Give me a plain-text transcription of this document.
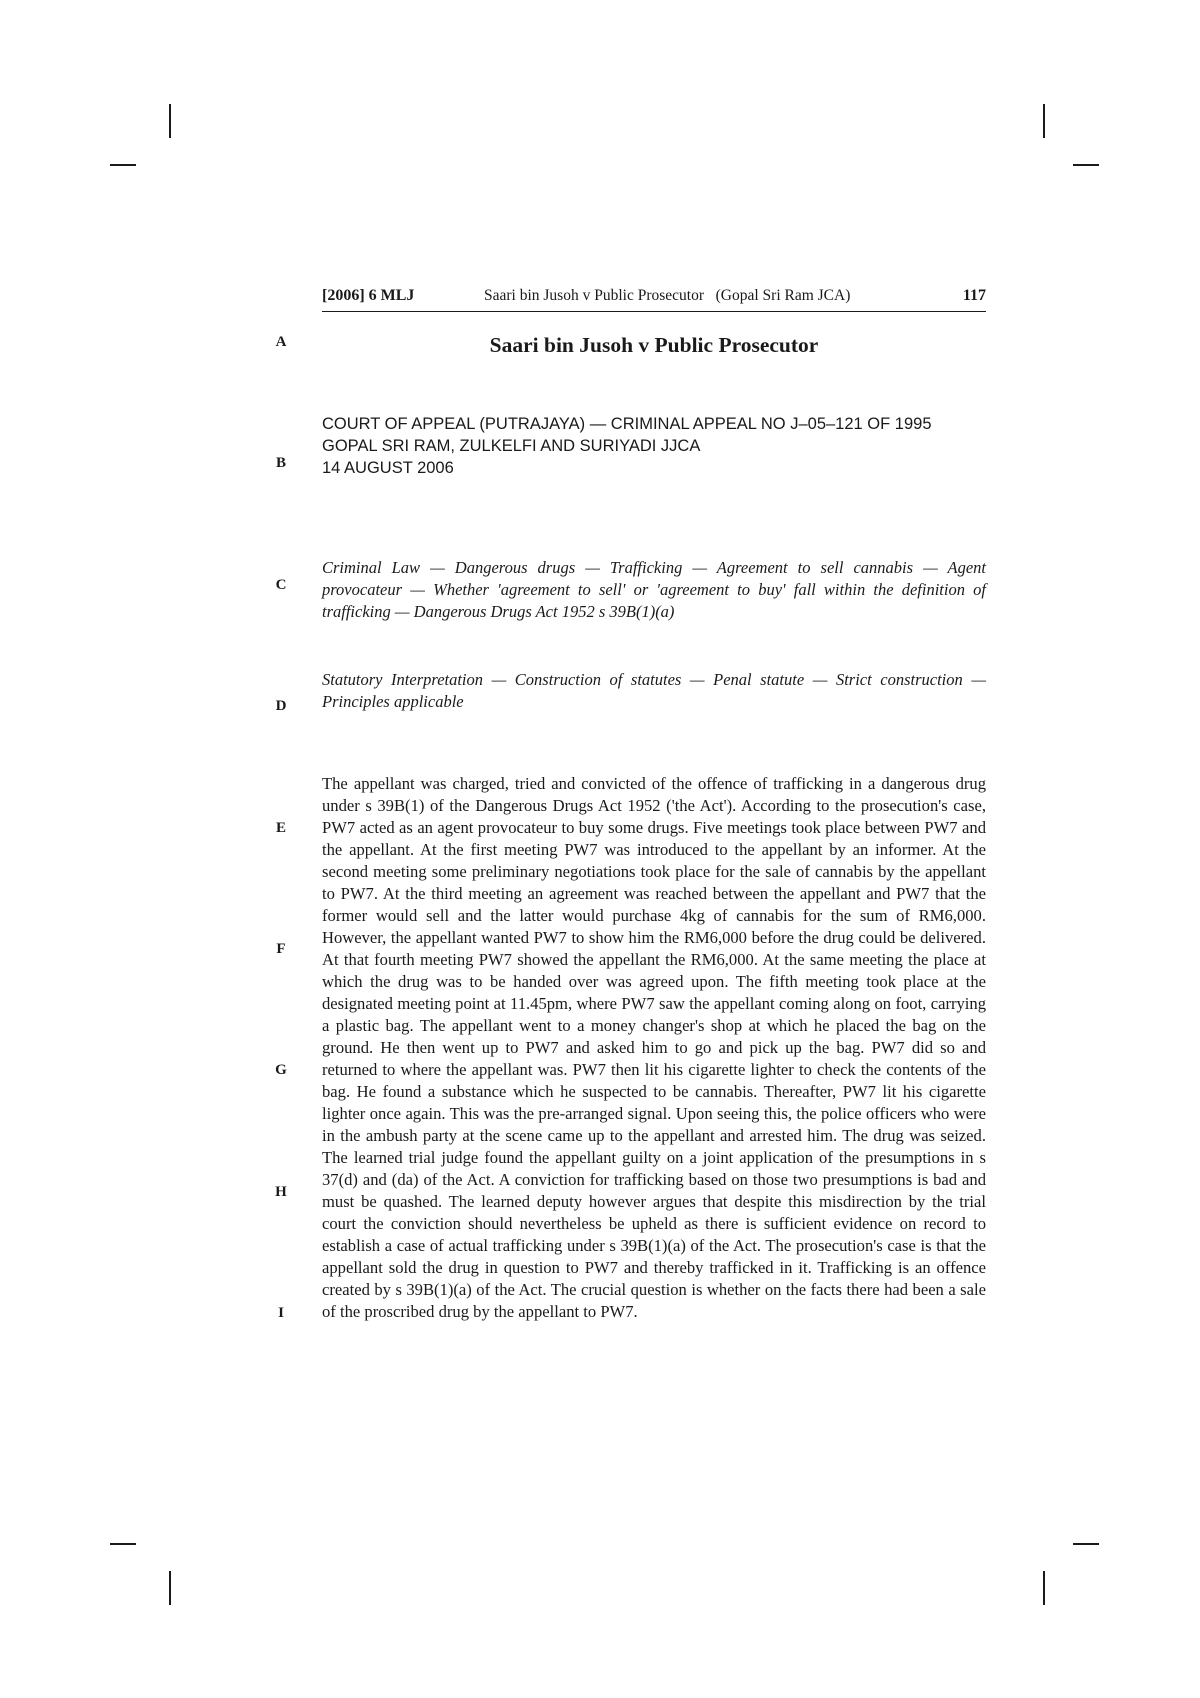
[2006] 6 MLJ	Saari bin Jusoh v Public Prosecutor   (Gopal Sri Ram JCA)	117
A
B
C
D
E
F
G
H
I
Saari bin Jusoh v Public Prosecutor
COURT OF APPEAL (PUTRAJAYA) — CRIMINAL APPEAL NO J–05–121 OF 1995
GOPAL SRI RAM, ZULKELFI AND SURIYADI JJCA
14 AUGUST 2006
Criminal Law — Dangerous drugs — Trafficking — Agreement to sell cannabis — Agent provocateur — Whether 'agreement to sell' or 'agreement to buy' fall within the definition of trafficking — Dangerous Drugs Act 1952 s 39B(1)(a)
Statutory Interpretation — Construction of statutes — Penal statute — Strict construction — Principles applicable

The appellant was charged, tried and convicted of the offence of trafficking in a dangerous drug under s 39B(1) of the Dangerous Drugs Act 1952 ('the Act'). According to the prosecution's case, PW7 acted as an agent provocateur to buy some drugs. Five meetings took place between PW7 and the appellant. At the first meeting PW7 was introduced to the appellant by an informer. At the second meeting some preliminary negotiations took place for the sale of cannabis by the appellant to PW7. At the third meeting an agreement was reached between the appellant and PW7 that the former would sell and the latter would purchase 4kg of cannabis for the sum of RM6,000. However, the appellant wanted PW7 to show him the RM6,000 before the drug could be delivered. At that fourth meeting PW7 showed the appellant the RM6,000. At the same meeting the place at which the drug was to be handed over was agreed upon. The fifth meeting took place at the designated meeting point at 11.45pm, where PW7 saw the appellant coming along on foot, carrying a plastic bag. The appellant went to a money changer's shop at which he placed the bag on the ground. He then went up to PW7 and asked him to go and pick up the bag. PW7 did so and returned to where the appellant was. PW7 then lit his cigarette lighter to check the contents of the bag. He found a substance which he suspected to be cannabis. Thereafter, PW7 lit his cigarette lighter once again. This was the pre-arranged signal. Upon seeing this, the police officers who were in the ambush party at the scene came up to the appellant and arrested him. The drug was seized. The learned trial judge found the appellant guilty on a joint application of the presumptions in s 37(d) and (da) of the Act. A conviction for trafficking based on those two presumptions is bad and must be quashed. The learned deputy however argues that despite this misdirection by the trial court the conviction should nevertheless be upheld as there is sufficient evidence on record to establish a case of actual trafficking under s 39B(1)(a) of the Act. The prosecution's case is that the appellant sold the drug in question to PW7 and thereby trafficked in it. Trafficking is an offence created by s 39B(1)(a) of the Act. The crucial question is whether on the facts there had been a sale of the proscribed drug by the appellant to PW7.
